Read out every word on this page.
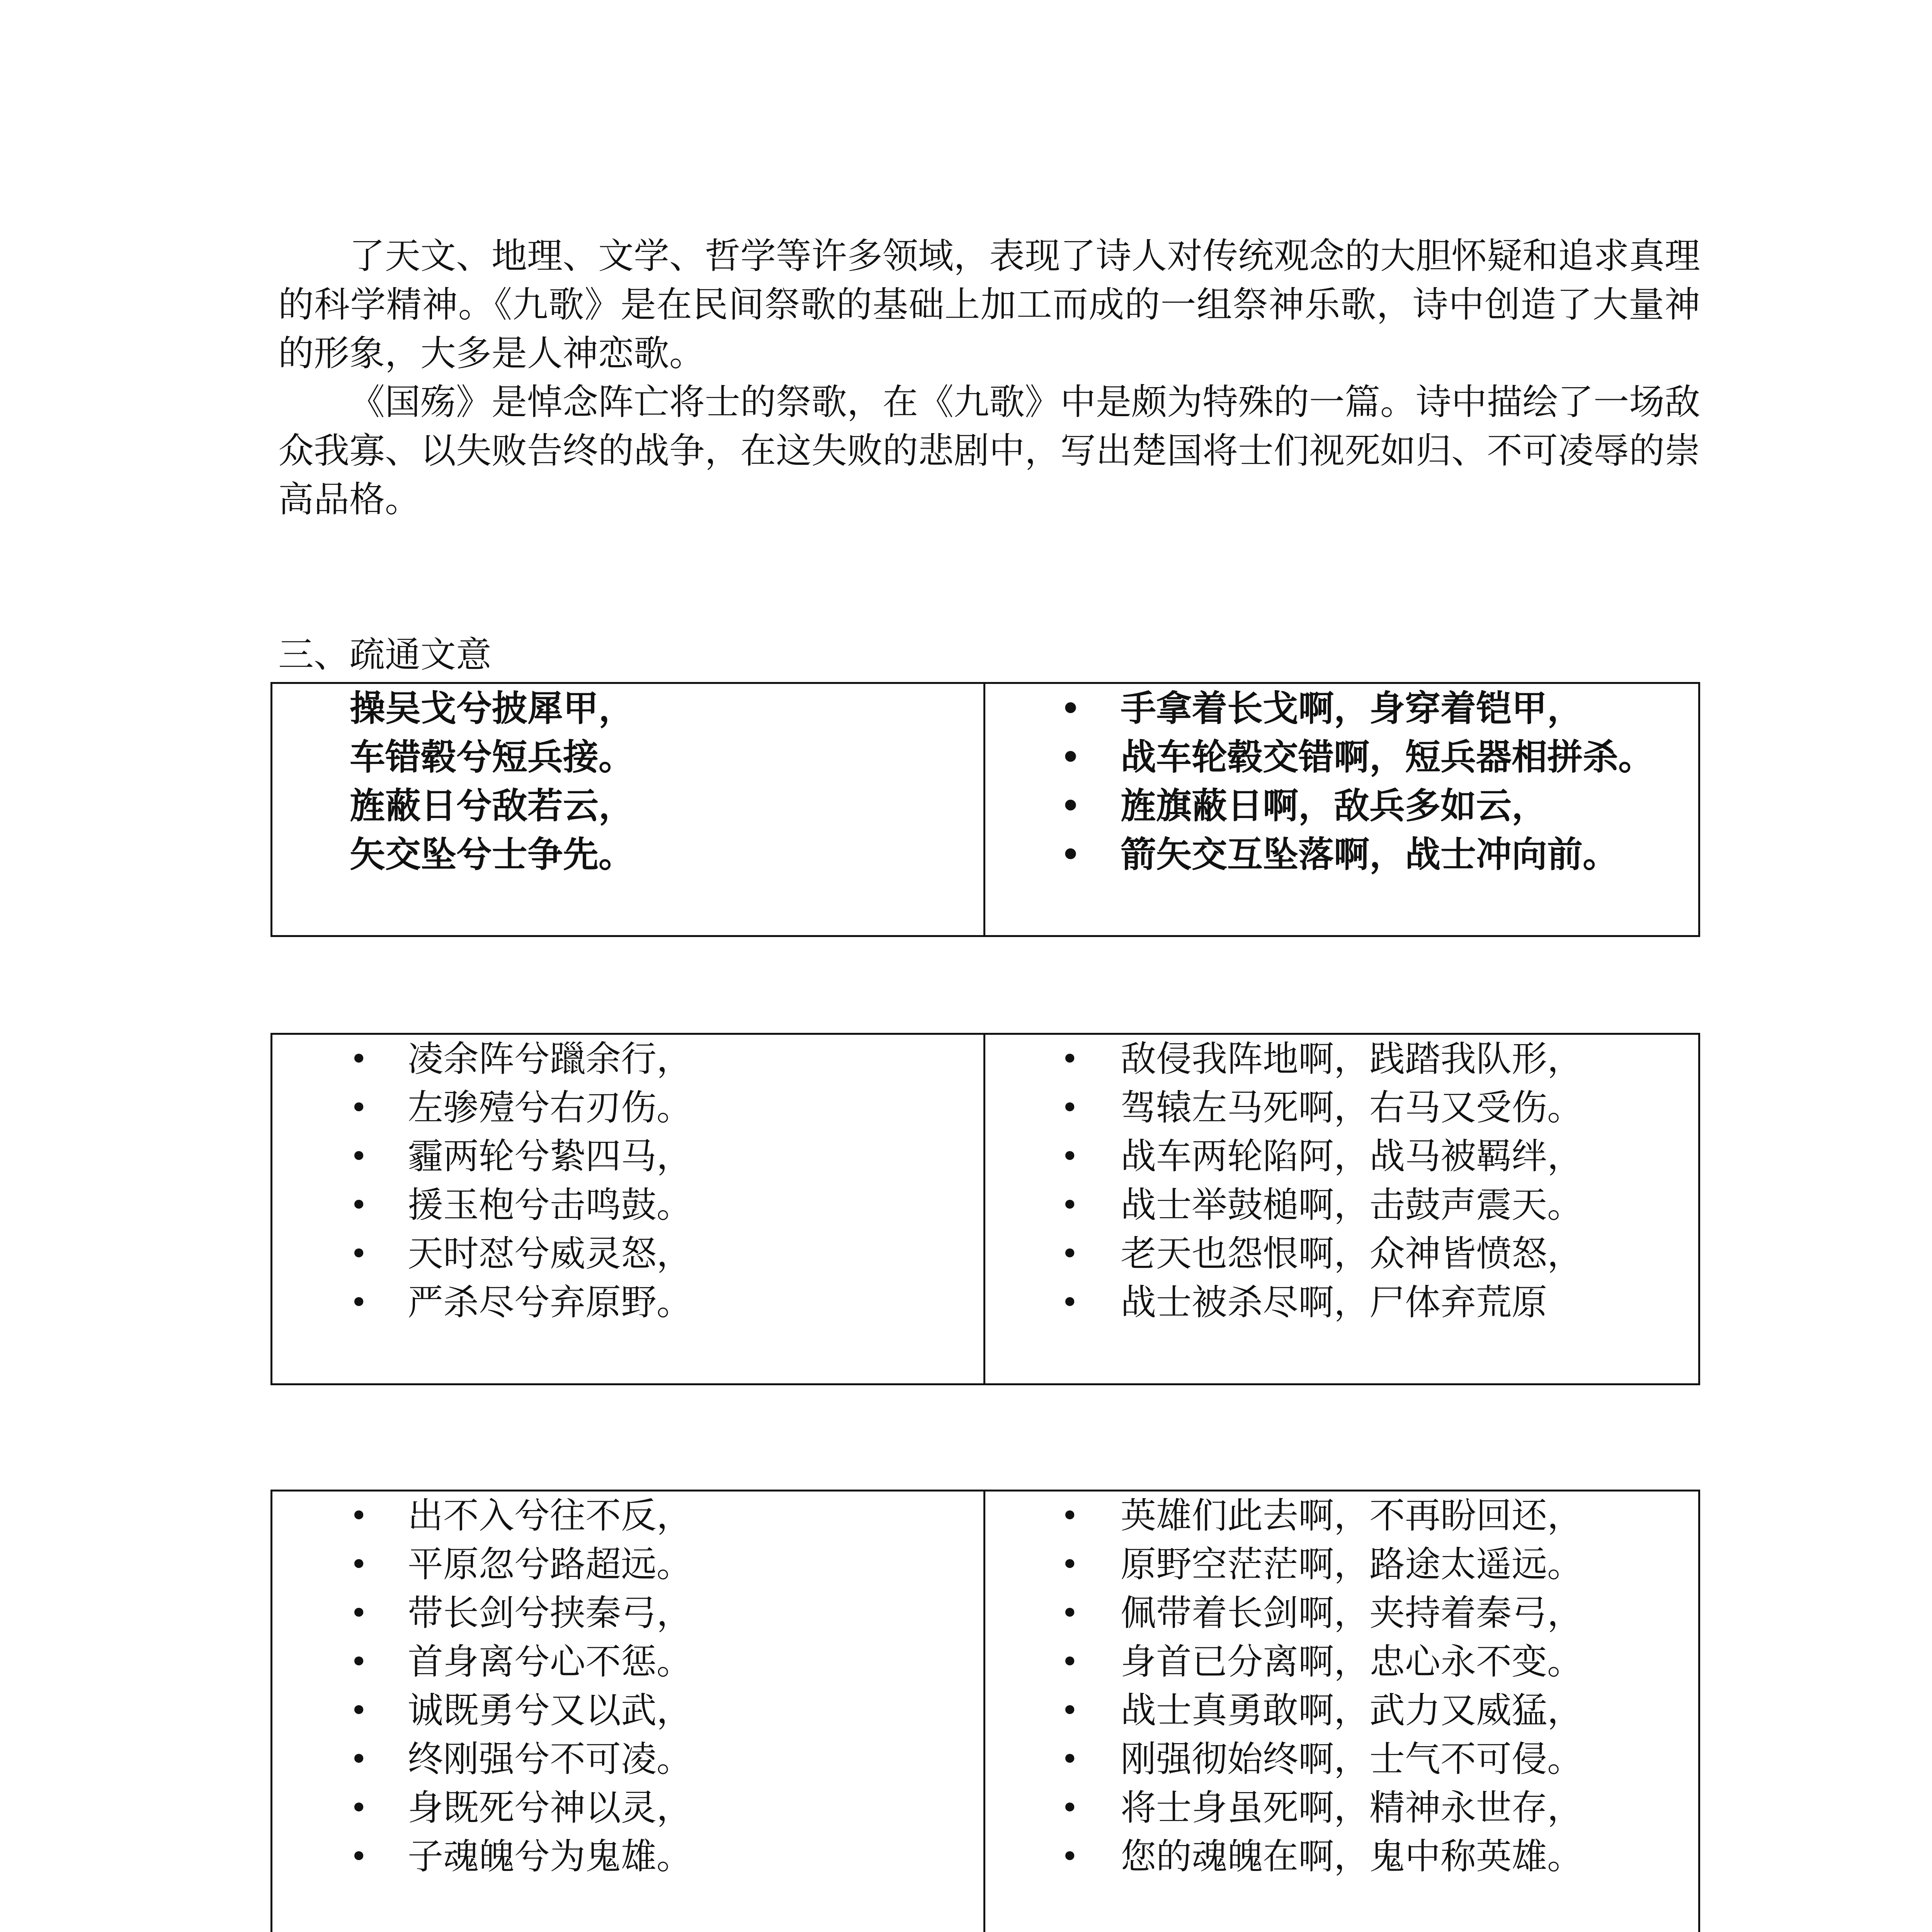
了天文、地理、文学、哲学等许多领域，表现了诗人对传统观念的大胆怀疑和追求真理的科学精神。《九歌》是在民间祭歌的基础上加工而成的一组祭神乐歌，诗中创造了大量神的形象，大多是人神恋歌。

《国殇》是悼念阵亡将士的祭歌，在《九歌》中是颇为特殊的一篇。诗中描绘了一场敌众我寡、以失败告终的战争，在这失败的悲剧中，写出楚国将士们视死如归、不可凌辱的崇高品格。

三、疏通文意
操吴戈兮披犀甲，
车错毂兮短兵接。
旌蔽日兮敌若云，
矢交坠兮士争先。
• 手拿着长戈啊，身穿着铠甲，
• 战车轮毂交错啊，短兵器相拼杀。
• 旌旗蔽日啊，敌兵多如云，
• 箭矢交互坠落啊，战士冲向前。
• 凌余阵兮躐余行，
• 左骖殪兮右刃伤。
• 霾两轮兮絷四马，
• 援玉枹兮击鸣鼓。
• 天时怼兮威灵怒，
• 严杀尽兮弃原野。
• 敌侵我阵地啊，践踏我队形，
• 驾辕左马死啊，右马又受伤。
• 战车两轮陷阿，战马被羁绊，
• 战士举鼓槌啊，击鼓声震天。
• 老天也怨恨啊，众神皆愤怒，
• 战士被杀尽啊，尸体弃荒原
• 出不入兮往不反，
• 平原忽兮路超远。
• 带长剑兮挟秦弓，
• 首身离兮心不惩。
• 诚既勇兮又以武，
• 终刚强兮不可凌。
• 身既死兮神以灵，
• 子魂魄兮为鬼雄。
• 英雄们此去啊，不再盼回还，
• 原野空茫茫啊，路途太遥远。
• 佩带着长剑啊，夹持着秦弓，
• 身首已分离啊，忠心永不变。
• 战士真勇敢啊，武力又威猛，
• 刚强彻始终啊，士气不可侵。
• 将士身虽死啊，精神永世存，
• 您的魂魄在啊，鬼中称英雄。
